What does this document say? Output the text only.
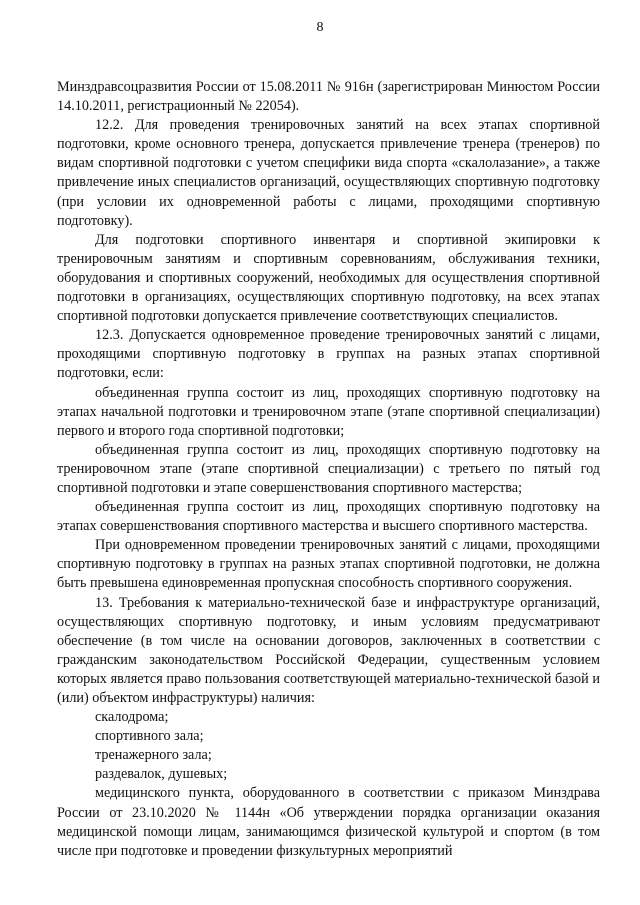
8

Минздравсоцразвития России от 15.08.2011 № 916н (зарегистрирован Минюстом России 14.10.2011, регистрационный № 22054).

12.2. Для проведения тренировочных занятий на всех этапах спортивной подготовки, кроме основного тренера, допускается привлечение тренера (тренеров) по видам спортивной подготовки с учетом специфики вида спорта «скалолазание», а также привлечение иных специалистов организаций, осуществляющих спортивную подготовку (при условии их одновременной работы с лицами, проходящими спортивную подготовку).

Для подготовки спортивного инвентаря и спортивной экипировки к тренировочным занятиям и спортивным соревнованиям, обслуживания техники, оборудования и спортивных сооружений, необходимых для осуществления спортивной подготовки в организациях, осуществляющих спортивную подготовку, на всех этапах спортивной подготовки допускается привлечение соответствующих специалистов.

12.3. Допускается одновременное проведение тренировочных занятий с лицами, проходящими спортивную подготовку в группах на разных этапах спортивной подготовки, если:

объединенная группа состоит из лиц, проходящих спортивную подготовку на этапах начальной подготовки и тренировочном этапе (этапе спортивной специализации) первого и второго года спортивной подготовки;

объединенная группа состоит из лиц, проходящих спортивную подготовку на тренировочном этапе (этапе спортивной специализации) с третьего по пятый год спортивной подготовки и этапе совершенствования спортивного мастерства;

объединенная группа состоит из лиц, проходящих спортивную подготовку на этапах совершенствования спортивного мастерства и высшего спортивного мастерства.

При одновременном проведении тренировочных занятий с лицами, проходящими спортивную подготовку в группах на разных этапах спортивной подготовки, не должна быть превышена единовременная пропускная способность спортивного сооружения.

13. Требования к материально-технической базе и инфраструктуре организаций, осуществляющих спортивную подготовку, и иным условиям предусматривают обеспечение (в том числе на основании договоров, заключенных в соответствии с гражданским законодательством Российской Федерации, существенным условием которых является право пользования соответствующей материально-технической базой и (или) объектом инфраструктуры) наличия:

скалодрома;

спортивного зала;

тренажерного зала;

раздевалок, душевых;

медицинского пункта, оборудованного в соответствии с приказом Минздрава России от 23.10.2020 № 1144н «Об утверждении порядка организации оказания медицинской помощи лицам, занимающимся физической культурой и спортом (в том числе при подготовке и проведении физкультурных мероприятий
